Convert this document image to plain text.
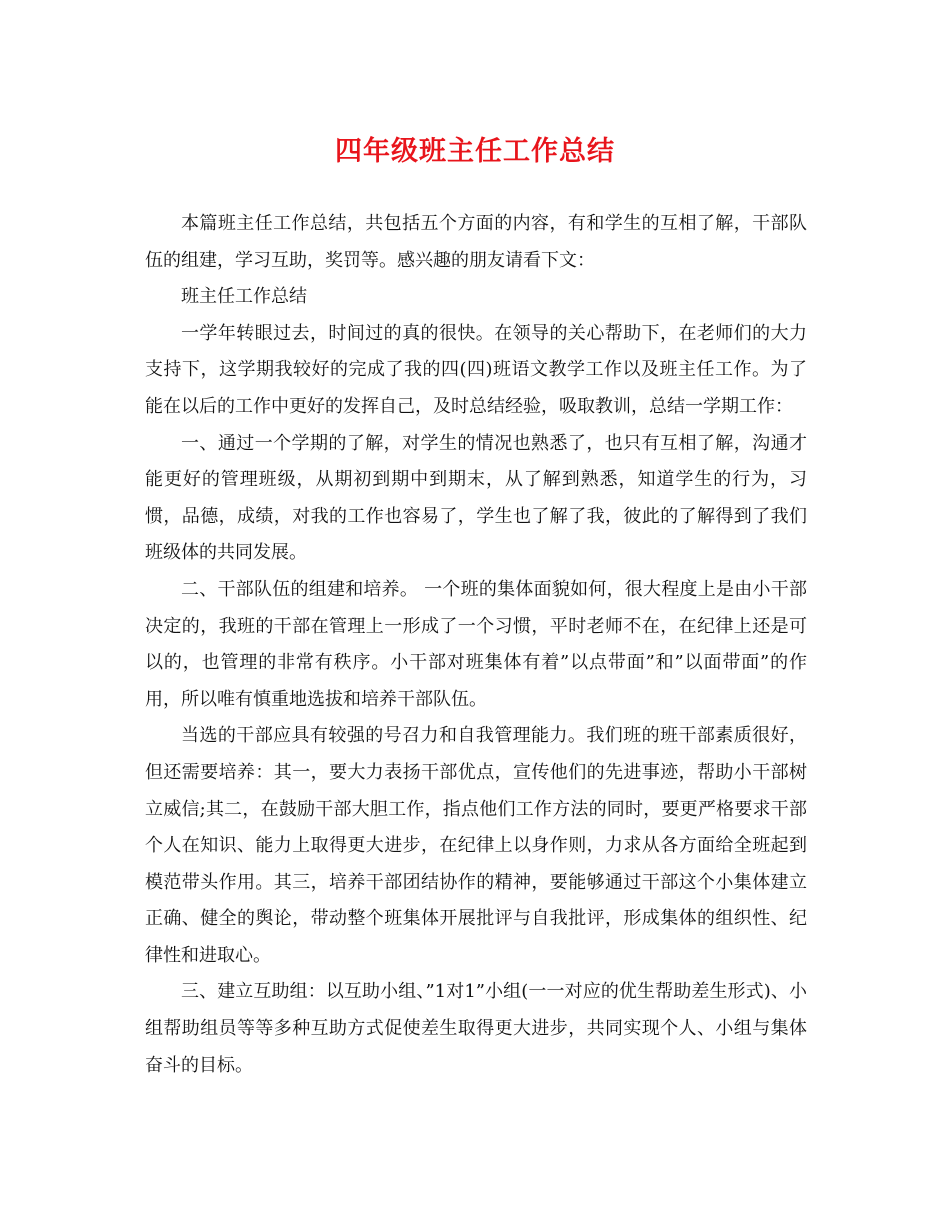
四年级班主任工作总结

本篇班主任工作总结，共包括五个方面的内容，有和学生的互相了解，干部队伍的组建，学习互助，奖罚等。感兴趣的朋友请看下文：

班主任工作总结

一学年转眼过去，时间过的真的很快。在领导的关心帮助下，在老师们的大力支持下，这学期我较好的完成了我的四(四)班语文教学工作以及班主任工作。为了能在以后的工作中更好的发挥自己，及时总结经验，吸取教训，总结一学期工作：

一、通过一个学期的了解，对学生的情况也熟悉了，也只有互相了解，沟通才能更好的管理班级，从期初到期中到期末，从了解到熟悉，知道学生的行为，习惯，品德，成绩，对我的工作也容易了，学生也了解了我，彼此的了解得到了我们班级体的共同发展。

二、干部队伍的组建和培养。 一个班的集体面貌如何，很大程度上是由小干部决定的，我班的干部在管理上一形成了一个习惯，平时老师不在，在纪律上还是可以的，也管理的非常有秩序。小干部对班集体有着”以点带面”和”以面带面”的作用，所以唯有慎重地选拔和培养干部队伍。

当选的干部应具有较强的号召力和自我管理能力。我们班的班干部素质很好，但还需要培养：其一，要大力表扬干部优点，宣传他们的先进事迹，帮助小干部树立威信;其二，在鼓励干部大胆工作，指点他们工作方法的同时，要更严格要求干部个人在知识、能力上取得更大进步，在纪律上以身作则，力求从各方面给全班起到模范带头作用。其三，培养干部团结协作的精神，要能够通过干部这个小集体建立正确、健全的舆论，带动整个班集体开展批评与自我批评，形成集体的组织性、纪律性和进取心。

三、建立互助组：以互助小组、”1对1”小组(一一对应的优生帮助差生形式)、小组帮助组员等等多种互助方式促使差生取得更大进步，共同实现个人、小组与集体奋斗的目标。
